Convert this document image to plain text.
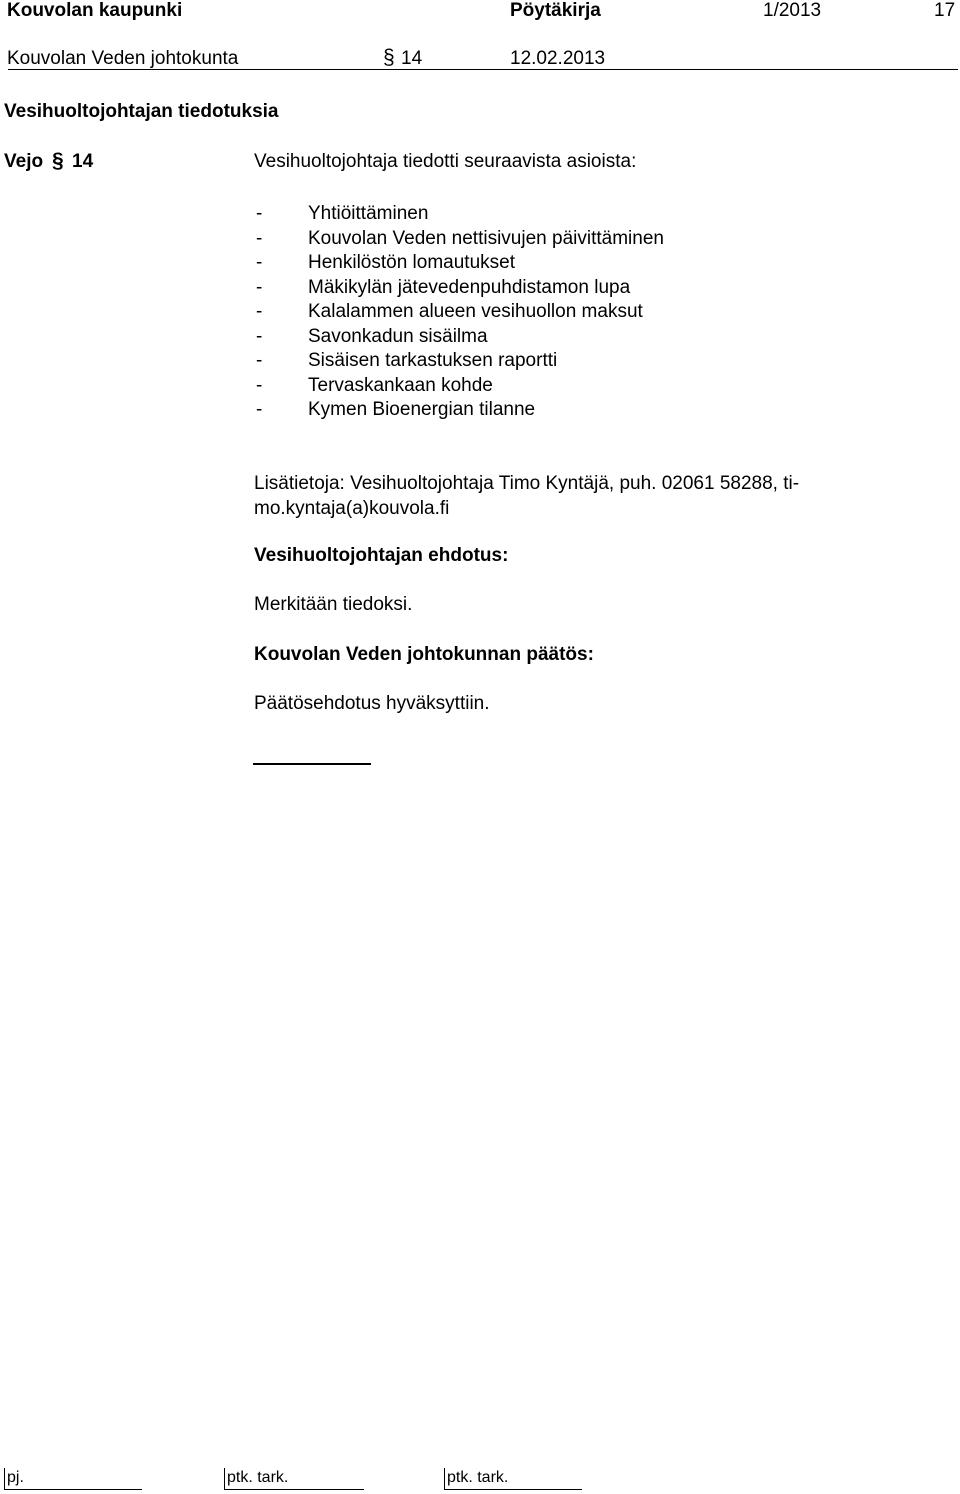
Kouvolan kaupunki	Pöytäkirja	1/2013	17
Kouvolan Veden johtokunta	§ 14	12.02.2013
Vesihuoltojohtajan tiedotuksia
Vejo § 14	Vesihuoltojohtaja tiedotti seuraavista asioista:
-	Yhtiöittäminen
-	Kouvolan Veden nettisivujen päivittäminen
-	Henkilöstön lomautukset
-	Mäkikylän jätevedenpuhdistamon lupa
-	Kalalammen alueen vesihuollon maksut
-	Savonkadun sisäilma
-	Sisäisen tarkastuksen raportti
-	Tervaskankaan kohde
-	Kymen Bioenergian tilanne
Lisätietoja: Vesihuoltojohtaja Timo Kyntäjä, puh. 02061 58288, ti-
mo.kyntaja(a)kouvola.fi
Vesihuoltojohtajan ehdotus:
Merkitään tiedoksi.
Kouvolan Veden johtokunnan päätös:
Päätösehdotus hyväksyttiin.
pj.	ptk. tark.	ptk. tark.
